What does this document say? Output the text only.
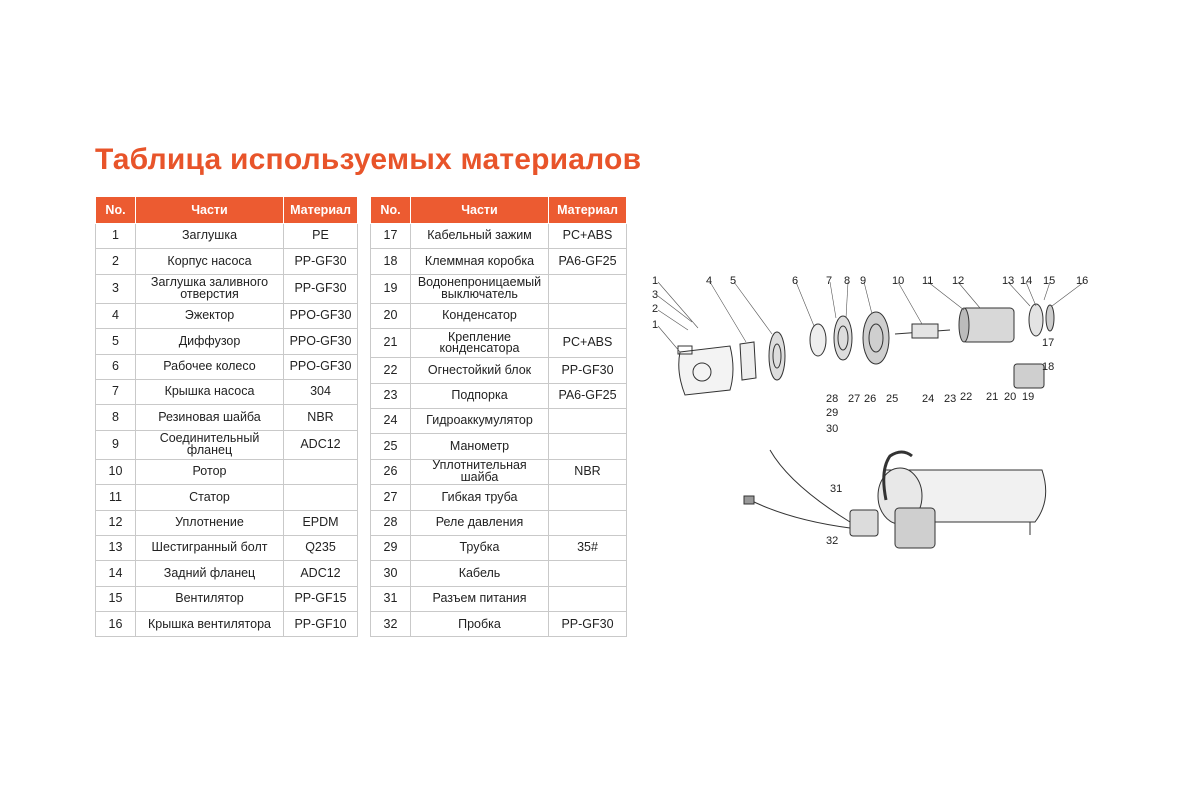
Таблица используемых материалов
No.	Части	Материал
1	Заглушка	PE
2	Корпус насоса	PP-GF30
3	Заглушка заливного отверстия	PP-GF30
4	Эжектор	PPO-GF30
5	Диффузор	PPO-GF30
6	Рабочее колесо	PPO-GF30
7	Крышка насоса	304
8	Резиновая шайба	NBR
9	Соединительный фланец	ADC12
10	Ротор	
11	Статор	
12	Уплотнение	EPDM
13	Шестигранный болт	Q235
14	Задний фланец	ADC12
15	Вентилятор	PP-GF15
16	Крышка вентилятора	PP-GF10
No.	Части	Материал
17	Кабельный зажим	PC+ABS
18	Клеммная коробка	PA6-GF25
19	Водонепроницаемый выключатель	
20	Конденсатор	
21	Крепление конденсатора	PC+ABS
22	Огнестойкий блок	PP-GF30
23	Подпорка	PA6-GF25
24	Гидроаккумулятор	
25	Манометр	
26	Уплотнительная шайба	NBR
27	Гибкая труба	
28	Реле давления	
29	Трубка	35#
30	Кабель	
31	Разъем питания	
32	Пробка	PP-GF30
1
3
2
1
4 5	6	7 8 9 10 11 12	13 14 15 16
17
18
22 21 20 19
28 27 26 25 24 23
29
30
31
32
